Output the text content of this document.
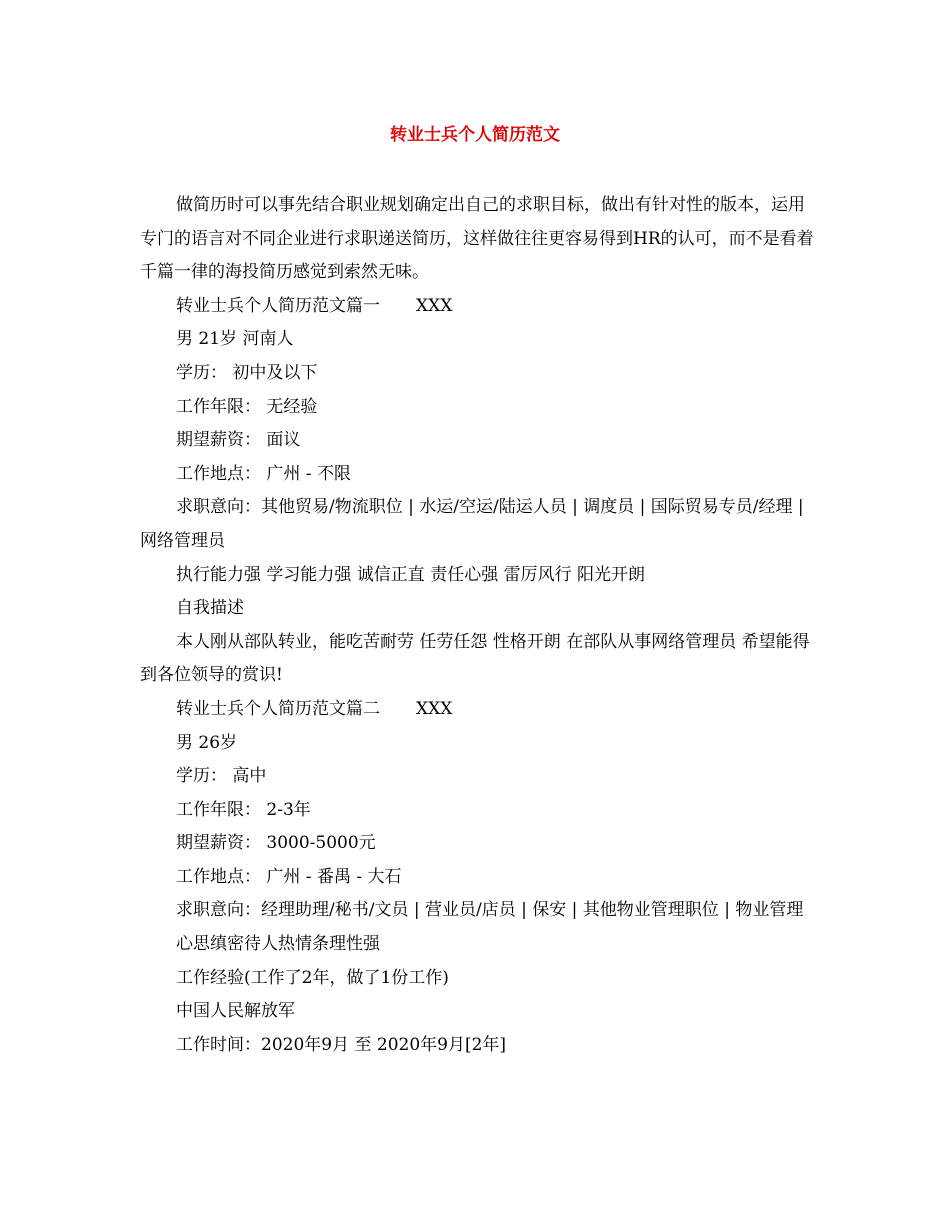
转业士兵个人简历范文

做简历时可以事先结合职业规划确定出自己的求职目标，做出有针对性的版本，运用专门的语言对不同企业进行求职递送简历，这样做往往更容易得到HR的认可，而不是看着千篇一律的海投简历感觉到索然无味。

转业士兵个人简历范文篇一 XXX

男 21岁 河南人

学历： 初中及以下

工作年限： 无经验

期望薪资： 面议

工作地点： 广州 - 不限

求职意向：其他贸易/物流职位 | 水运/空运/陆运人员 | 调度员 | 国际贸易专员/经理 | 网络管理员

执行能力强 学习能力强 诚信正直 责任心强 雷厉风行 阳光开朗

自我描述

本人刚从部队转业，能吃苦耐劳 任劳任怨 性格开朗 在部队从事网络管理员 希望能得到各位领导的赏识!

转业士兵个人简历范文篇二 XXX

男 26岁

学历： 高中

工作年限： 2-3年

期望薪资： 3000-5000元

工作地点： 广州 - 番禺 - 大石

求职意向：经理助理/秘书/文员 | 营业员/店员 | 保安 | 其他物业管理职位 | 物业管理

心思缜密待人热情条理性强

工作经验(工作了2年，做了1份工作)

中国人民解放军

工作时间：2020年9月 至 2020年9月[2年]
